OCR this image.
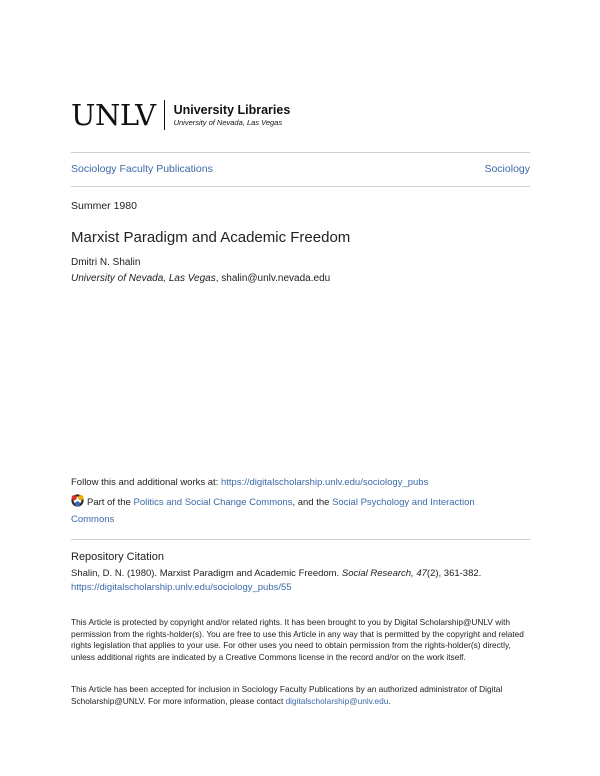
UNLV University Libraries
University of Nevada, Las Vegas
Sociology Faculty Publications	Sociology
Summer 1980
Marxist Paradigm and Academic Freedom
Dmitri N. Shalin
University of Nevada, Las Vegas, shalin@unlv.nevada.edu
Follow this and additional works at: https://digitalscholarship.unlv.edu/sociology_pubs
Part of the Politics and Social Change Commons, and the Social Psychology and Interaction Commons
Repository Citation
Shalin, D. N. (1980). Marxist Paradigm and Academic Freedom. Social Research, 47(2), 361-382.
https://digitalscholarship.unlv.edu/sociology_pubs/55
This Article is protected by copyright and/or related rights. It has been brought to you by Digital Scholarship@UNLV with permission from the rights-holder(s). You are free to use this Article in any way that is permitted by the copyright and related rights legislation that applies to your use. For other uses you need to obtain permission from the rights-holder(s) directly, unless additional rights are indicated by a Creative Commons license in the record and/or on the work itself.
This Article has been accepted for inclusion in Sociology Faculty Publications by an authorized administrator of Digital Scholarship@UNLV. For more information, please contact digitalscholarship@unlv.edu.
